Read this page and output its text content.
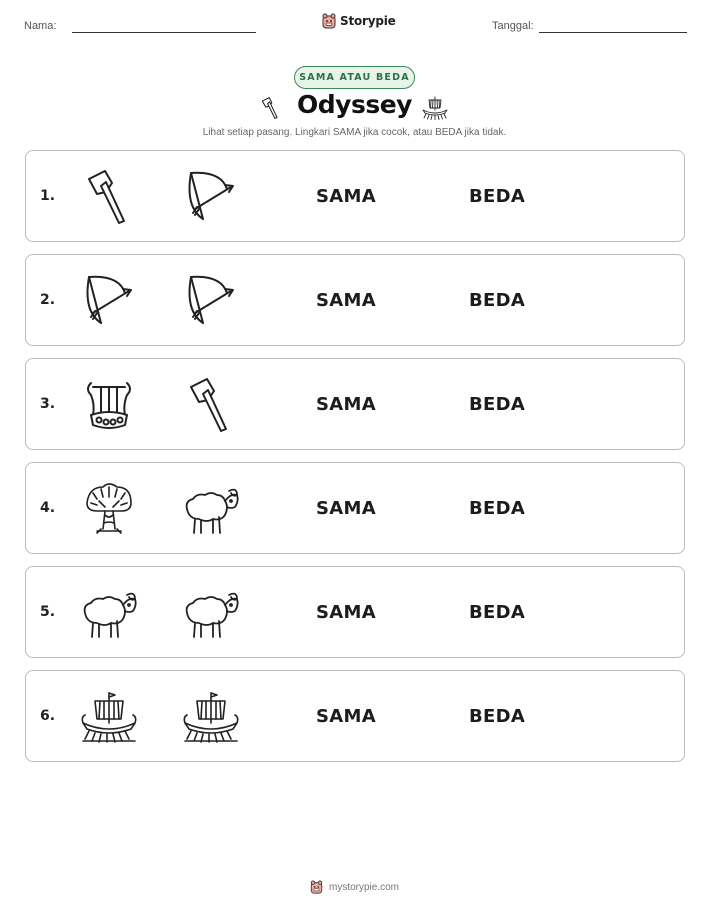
Nama:	Storypie	Tanggal:
SAMA ATAU BEDA
Odyssey
Lihat setiap pasang. Lingkari SAMA jika cocok, atau BEDA jika tidak.
1.	SAMA	BEDA
2.	SAMA	BEDA
3.	SAMA	BEDA
4.	SAMA	BEDA
5.	SAMA	BEDA
6.	SAMA	BEDA
mystorypie.com
